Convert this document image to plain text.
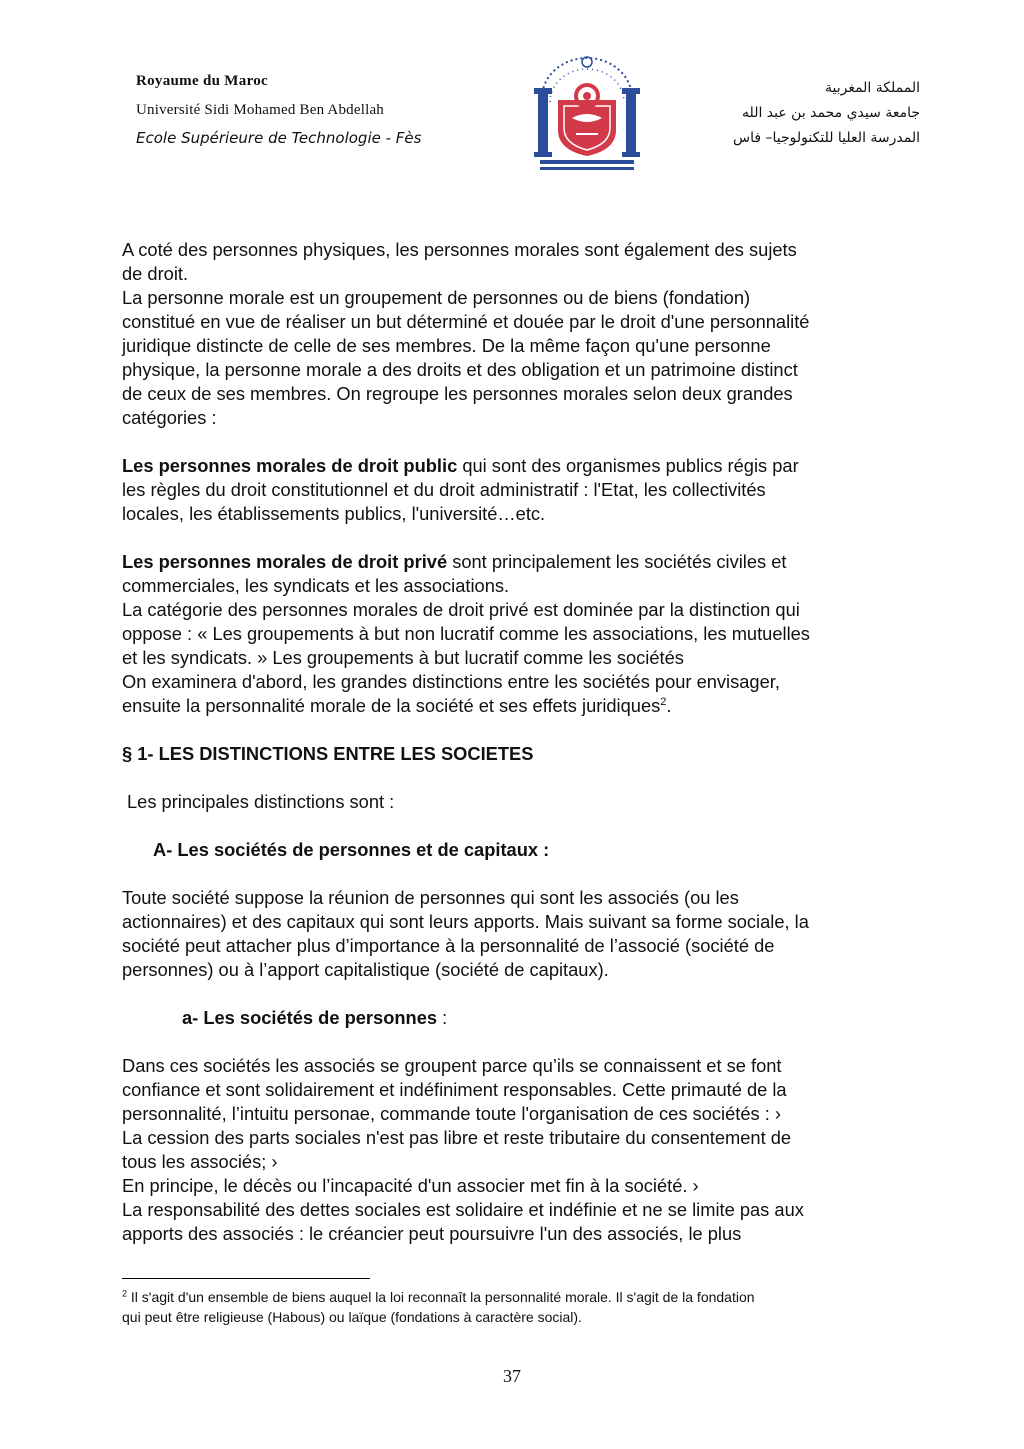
Royaume du Maroc
Université Sidi Mohamed Ben Abdellah
Ecole Supérieure de Technologie - Fès
المملكة المغربية
جامعة سيدي محمد بن عبد الله
المدرسة العليا للتكنولوجيا– فاس

A coté des personnes physiques, les personnes morales sont également des sujets

de droit.

La personne morale est un groupement de personnes ou de biens (fondation)

constitué en vue de réaliser un but déterminé et douée par le droit d'une personnalité

juridique distincte de celle de ses membres. De la même façon qu'une personne

physique, la personne morale a des droits et des obligation et un patrimoine distinct

de ceux de ses membres. On regroupe les personnes morales selon deux grandes

catégories :

Les personnes morales de droit public qui sont des organismes publics régis par

les règles du droit constitutionnel et du droit administratif : l'Etat, les collectivités

locales, les établissements publics, l'université…etc.

Les personnes morales de droit privé sont principalement les sociétés civiles et

commerciales, les syndicats et les associations.

La catégorie des personnes morales de droit privé est dominée par la distinction qui

oppose : « Les groupements à but non lucratif comme les associations, les mutuelles

et les syndicats. » Les groupements à but lucratif comme les sociétés

On examinera d'abord, les grandes distinctions entre les sociétés pour envisager,

ensuite la personnalité morale de la société et ses effets juridiques$^2$.

§ 1- LES DISTINCTIONS ENTRE LES SOCIETES

Les principales distinctions sont :

A- Les sociétés de personnes et de capitaux :

Toute société suppose la réunion de personnes qui sont les associés (ou les

actionnaires) et des capitaux qui sont leurs apports. Mais suivant sa forme sociale, la

société peut attacher plus d’importance à la personnalité de l’associé (société de

personnes) ou à l’apport capitalistique (société de capitaux).

a- Les sociétés de personnes :

Dans ces sociétés les associés se groupent parce qu’ils se connaissent et se font

confiance et sont solidairement et indéfiniment responsables. Cette primauté de la

personnalité, l’intuitu personae, commande toute l'organisation de ces sociétés : ›

La cession des parts sociales n'est pas libre et reste tributaire du consentement de

tous les associés; ›

En principe, le décès ou l’incapacité d'un associer met fin à la société. ›

La responsabilité des dettes sociales est solidaire et indéfinie et ne se limite pas aux

apports des associés : le créancier peut poursuivre l'un des associés, le plus

$^2$ Il s'agit d'un ensemble de biens auquel la loi reconnaît la personnalité morale. Il s'agit de la fondation
qui peut être religieuse (Habous) ou laïque (fondations à caractère social).
37
